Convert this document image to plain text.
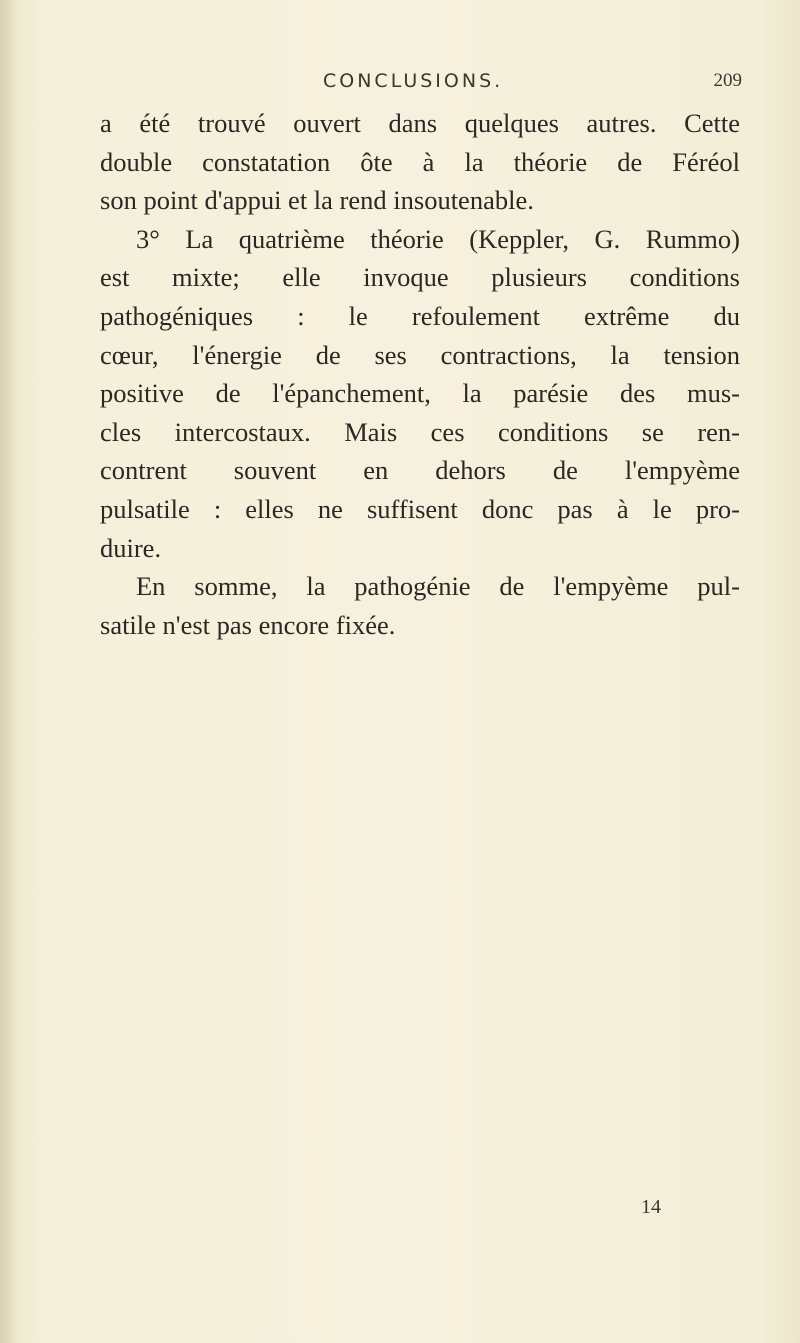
CONCLUSIONS.	209
a été trouvé ouvert dans quelques autres. Cette
double constatation ôte à la théorie de Féréol
son point d'appui et la rend insoutenable.
3° La quatrième théorie (Keppler, G. Rummo)
est mixte; elle invoque plusieurs conditions
pathogéniques : le refoulement extrême du
cœur, l'énergie de ses contractions, la tension
positive de l'épanchement, la parésie des mus-
cles intercostaux. Mais ces conditions se ren-
contrent souvent en dehors de l'empyème
pulsatile : elles ne suffisent donc pas à le pro-
duire.
En somme, la pathogénie de l'empyème pul-
satile n'est pas encore fixée.
14
